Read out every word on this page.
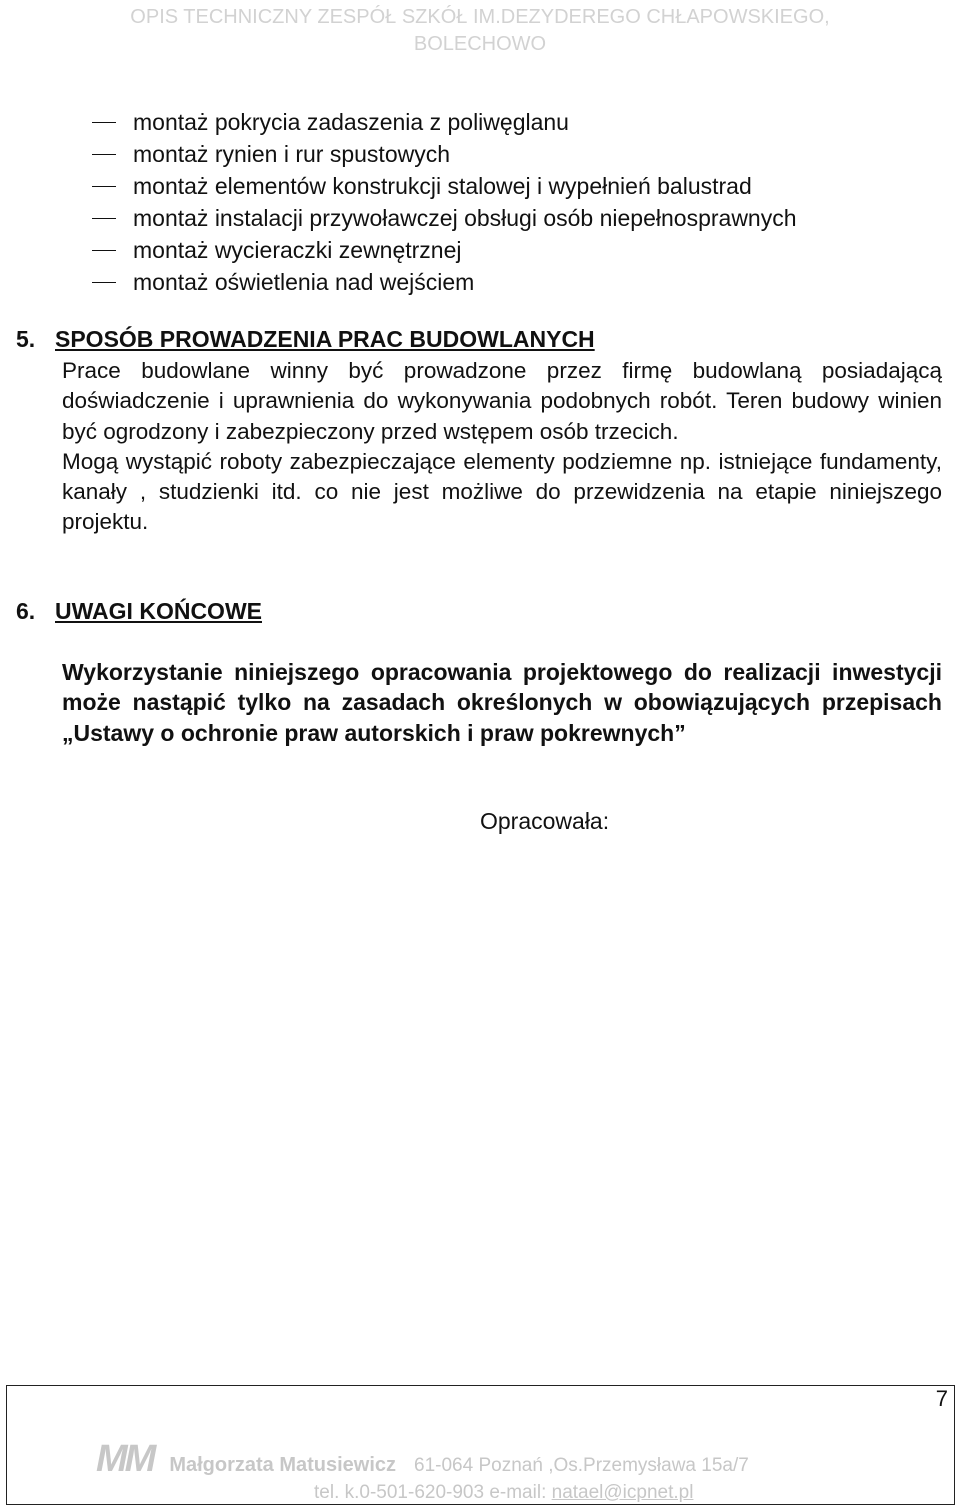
OPIS TECHNICZNY ZESPÓŁ SZKÓŁ IM.DEZYDEREGO CHŁAPOWSKIEGO,
BOLECHOWO
montaż pokrycia zadaszenia z poliwęglanu
montaż rynien i rur spustowych
montaż elementów konstrukcji stalowej i wypełnień balustrad
montaż instalacji przywoławczej obsługi osób niepełnosprawnych
montaż wycieraczki zewnętrznej
montaż oświetlenia nad wejściem
5. SPOSÓB PROWADZENIA PRAC BUDOWLANYCH

Prace budowlane winny być prowadzone przez firmę budowlaną posiadającą doświadczenie i uprawnienia do wykonywania podobnych robót. Teren budowy winien być ogrodzony i zabezpieczony przed wstępem osób trzecich.

Mogą wystąpić roboty zabezpieczające elementy podziemne np. istniejące fundamenty, kanały , studzienki itd. co nie jest możliwe do przewidzenia na etapie niniejszego projektu.

6. UWAGI KOŃCOWE
Wykorzystanie niniejszego opracowania projektowego do realizacji inwestycji może nastąpić tylko na zasadach określonych w obowiązujących przepisach „Ustawy o ochronie praw autorskich i praw pokrewnych”
Opracowała:
7
MM Małgorzata Matusiewicz 61-064 Poznań ,Os.Przemysława 15a/7
tel. k.0-501-620-903 e-mail: natael@icpnet.pl
